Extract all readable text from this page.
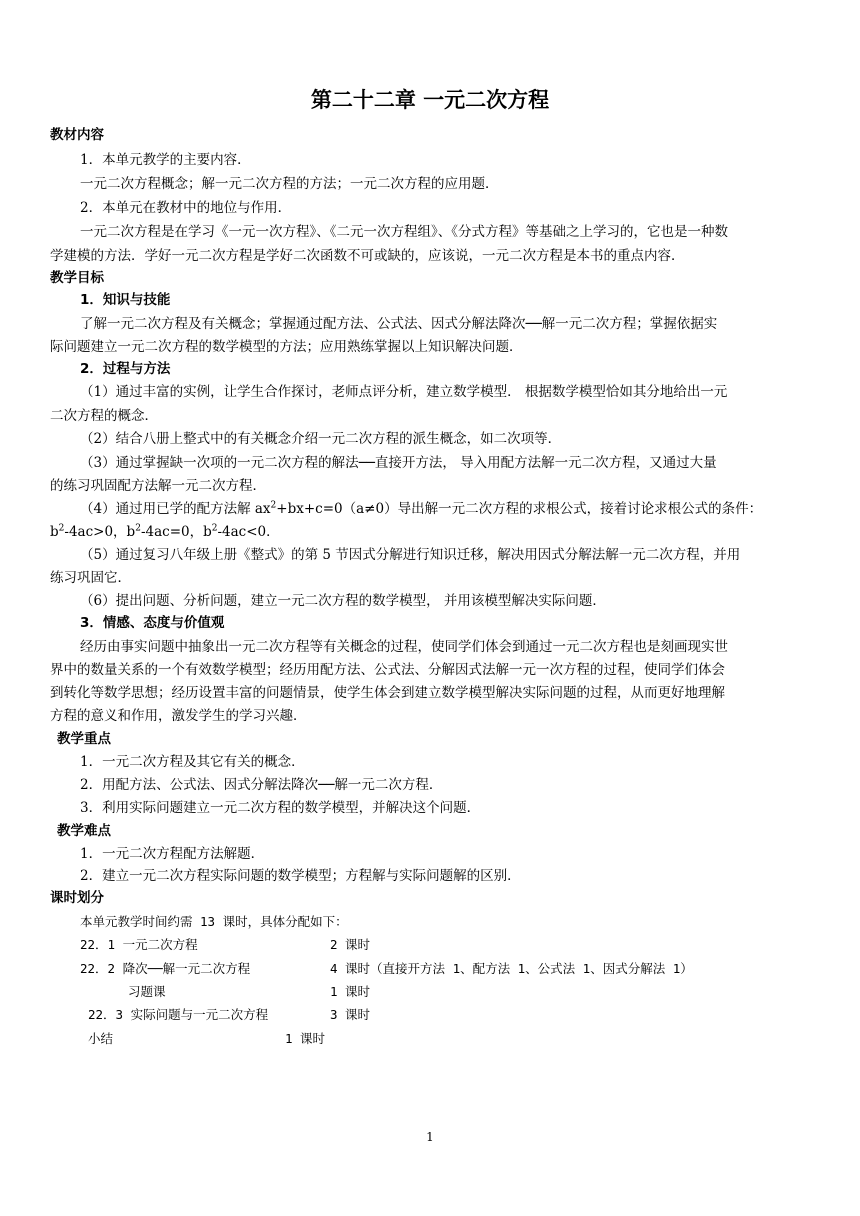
第二十二章 一元二次方程
教材内容
1．本单元教学的主要内容．
一元二次方程概念；解一元二次方程的方法；一元二次方程的应用题．
2．本单元在教材中的地位与作用．
一元二次方程是在学习《一元一次方程》、《二元一次方程组》、《分式方程》等基础之上学习的，它也是一种数
学建模的方法．学好一元二次方程是学好二次函数不可或缺的，应该说，一元二次方程是本书的重点内容．
教学目标
1．知识与技能
了解一元二次方程及有关概念；掌握通过配方法、公式法、因式分解法降次──解一元二次方程；掌握依据实
际问题建立一元二次方程的数学模型的方法；应用熟练掌握以上知识解决问题．
2．过程与方法
（1）通过丰富的实例，让学生合作探讨，老师点评分析，建立数学模型． 根据数学模型恰如其分地给出一元
二次方程的概念．
（2）结合八册上整式中的有关概念介绍一元二次方程的派生概念，如二次项等．
（3）通过掌握缺一次项的一元二次方程的解法──直接开方法， 导入用配方法解一元二次方程，又通过大量
的练习巩固配方法解一元二次方程．
（4）通过用已学的配方法解 $ax^2+bx+c=0(a\ne 0)$导出解一元二次方程的求根公式，接着讨论求根公式的条件：
$b^2-4ac>0$，$b^2-4ac=0$，$b^2-4ac<0$．
（5）通过复习八年级上册《整式》的第 5 节因式分解进行知识迁移，解决用因式分解法解一元二次方程，并用
练习巩固它．
（6）提出问题、分析问题，建立一元二次方程的数学模型， 并用该模型解决实际问题．
3．情感、态度与价值观
经历由事实问题中抽象出一元二次方程等有关概念的过程，使同学们体会到通过一元二次方程也是刻画现实世
界中的数量关系的一个有效数学模型；经历用配方法、公式法、分解因式法解一元一次方程的过程，使同学们体会
到转化等数学思想；经历设置丰富的问题情景，使学生体会到建立数学模型解决实际问题的过程，从而更好地理解
方程的意义和作用，激发学生的学习兴趣．
教学重点
1．一元二次方程及其它有关的概念．
2．用配方法、公式法、因式分解法降次──解一元二次方程．
3．利用实际问题建立一元二次方程的数学模型，并解决这个问题．
教学难点
1．一元二次方程配方法解题．
2．建立一元二次方程实际问题的数学模型；方程解与实际问题解的区别．
课时划分
本单元教学时间约需 13 课时，具体分配如下：
22．1 一元二次方程	2 课时
22．2 降次──解一元二次方程	4 课时（直接开方法 1、配方法 1、公式法 1、因式分解法 1）
习题课	1 课时
22．3 实际问题与一元二次方程	3 课时
小结	1 课时
1
